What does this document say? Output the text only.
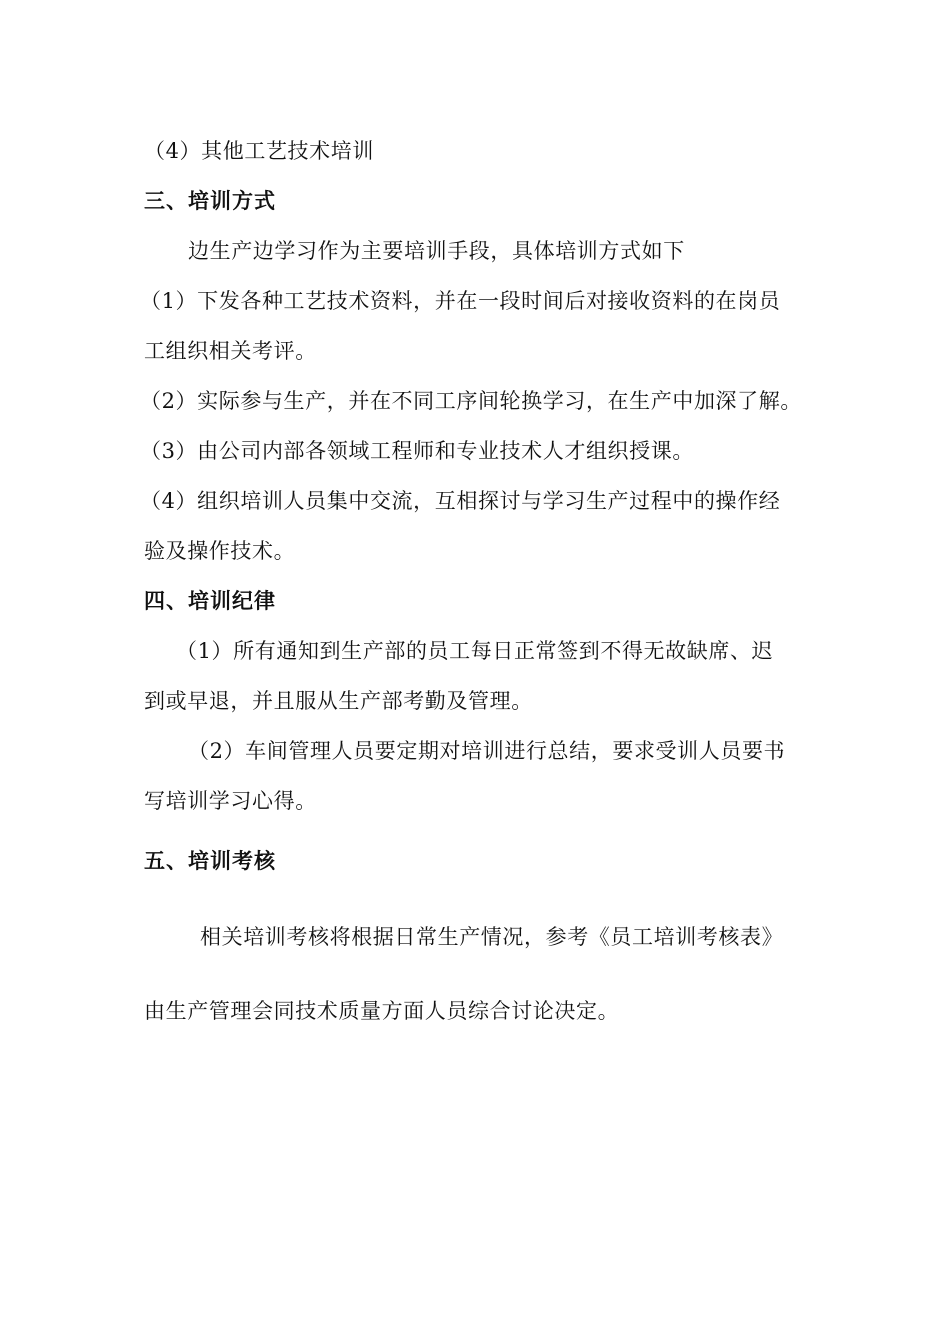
（4）其他工艺技术培训
三、培训方式
边生产边学习作为主要培训手段，具体培训方式如下
（1）下发各种工艺技术资料，并在一段时间后对接收资料的在岗员
工组织相关考评。
（2）实际参与生产，并在不同工序间轮换学习，在生产中加深了解。
（3）由公司内部各领域工程师和专业技术人才组织授课。
（4）组织培训人员集中交流，互相探讨与学习生产过程中的操作经
验及操作技术。
四、培训纪律
（1）所有通知到生产部的员工每日正常签到不得无故缺席、迟
到或早退，并且服从生产部考勤及管理。
（2）车间管理人员要定期对培训进行总结，要求受训人员要书
写培训学习心得。
五、培训考核
相关培训考核将根据日常生产情况，参考《员工培训考核表》
由生产管理会同技术质量方面人员综合讨论决定。
